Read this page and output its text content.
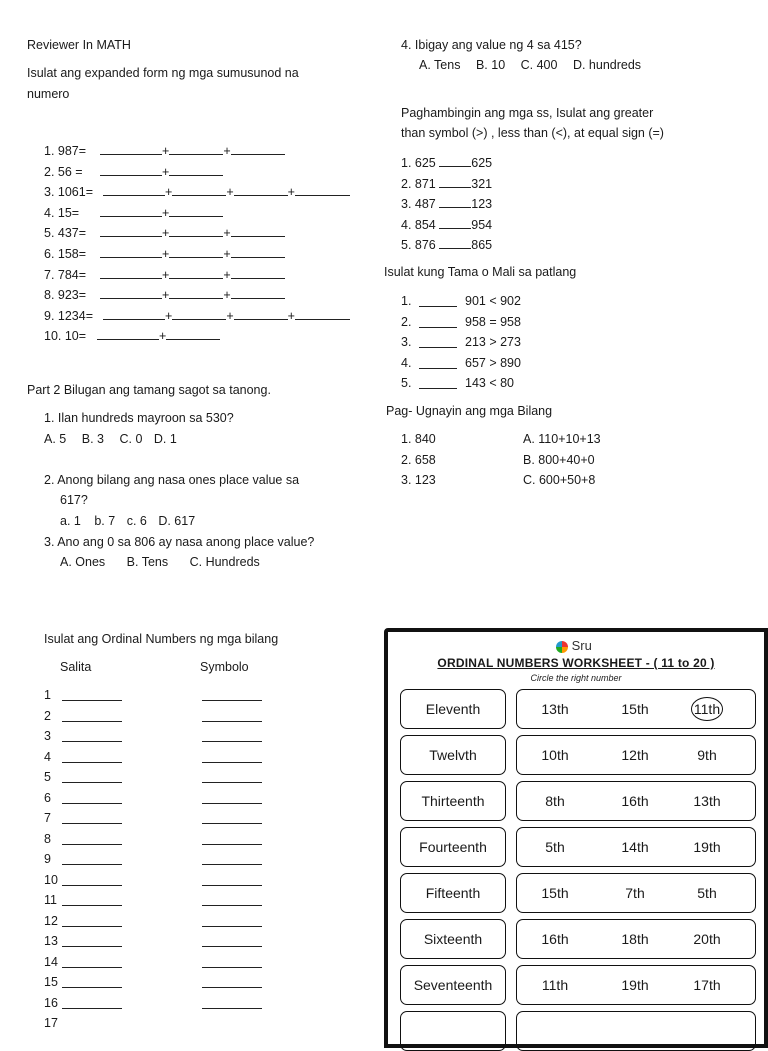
Reviewer In MATH
Isulat ang expanded form ng mga sumusunod na
numero
1. 987=	+	+
2. 56 =	+
3. 1061=	+	+	+
4. 15=	+
5. 437=	+	+
6. 158=	+	+
7. 784=	+	+
8. 923=	+	+
9. 1234=	+	+	+
10. 10=	+
Part 2 Bilugan ang tamang sagot sa tanong.
1. Ilan hundreds mayroon sa 530?
A. 5 B. 3 C. 0 D. 1
2. Anong bilang ang nasa ones place value sa
617?
a. 1 b. 7 c. 6 D. 617
3. Ano ang 0 sa 806 ay nasa anong place value?
A. Ones B. Tens C. Hundreds
Isulat ang Ordinal Numbers ng mga bilang
Salita	Symbolo
1
2
3
4
5
6
7
8
9
10
11
12
13
14
15
16
17
4. Ibigay ang value ng 4 sa 415?
A. Tens B. 10 C. 400 D. hundreds
Paghambingin ang mga ss, Isulat ang greater
than symbol (>) , less than (<), at equal sign (=)
1. 625	625
2. 871	321
3. 487	123
4. 854	954
5. 876	865
Isulat kung Tama o Mali sa patlang
1.	901 < 902
2.	958 = 958
3.	213 > 273
4.	657 > 890
5.	143 < 80
Pag- Ugnayin ang mga Bilang
1. 840	A. 110+10+13
2. 658	B. 800+40+0
3. 123	C. 600+50+8
Sru
ORDINAL NUMBERS WORKSHEET - ( 11 to 20 )
Circle the right number
Eleventh	13th	15th	11th
Twelvth	10th	12th	9th
Thirteenth	8th	16th	13th
Fourteenth	5th	14th	19th
Fifteenth	15th	7th	5th
Sixteenth	16th	18th	20th
Seventeenth	11th	19th	17th
